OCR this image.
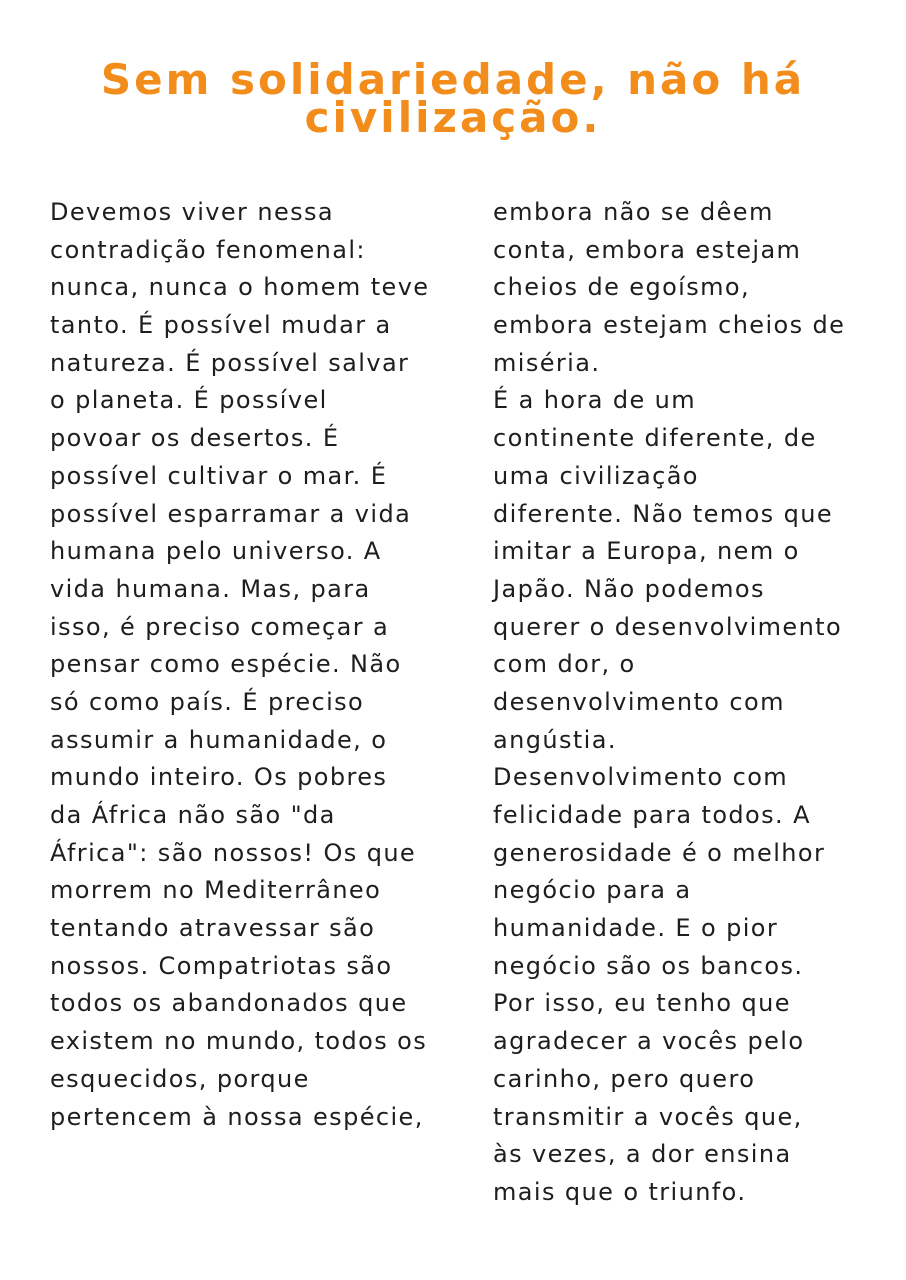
Sem solidariedade, não há
civilização.
Devemos viver nessa
contradição fenomenal:
nunca, nunca o homem teve
tanto. É possível mudar a
natureza. É possível salvar
o planeta. É possível
povoar os desertos. É
possível cultivar o mar. É
possível esparramar a vida
humana pelo universo. A
vida humana. Mas, para
isso, é preciso começar a
pensar como espécie. Não
só como país. É preciso
assumir a humanidade, o
mundo inteiro. Os pobres
da África não são "da
África": são nossos! Os que
morrem no Mediterrâneo
tentando atravessar são
nossos. Compatriotas são
todos os abandonados que
existem no mundo, todos os
esquecidos, porque
pertencem à nossa espécie,
embora não se dêem
conta, embora estejam
cheios de egoísmo,
embora estejam cheios de
miséria.
É a hora de um
continente diferente, de
uma civilização
diferente. Não temos que
imitar a Europa, nem o
Japão. Não podemos
querer o desenvolvimento
com dor, o
desenvolvimento com
angústia.
Desenvolvimento com
felicidade para todos. A
generosidade é o melhor
negócio para a
humanidade. E o pior
negócio são os bancos.
Por isso, eu tenho que
agradecer a vocês pelo
carinho, pero quero
transmitir a vocês que,
às vezes, a dor ensina
mais que o triunfo.
